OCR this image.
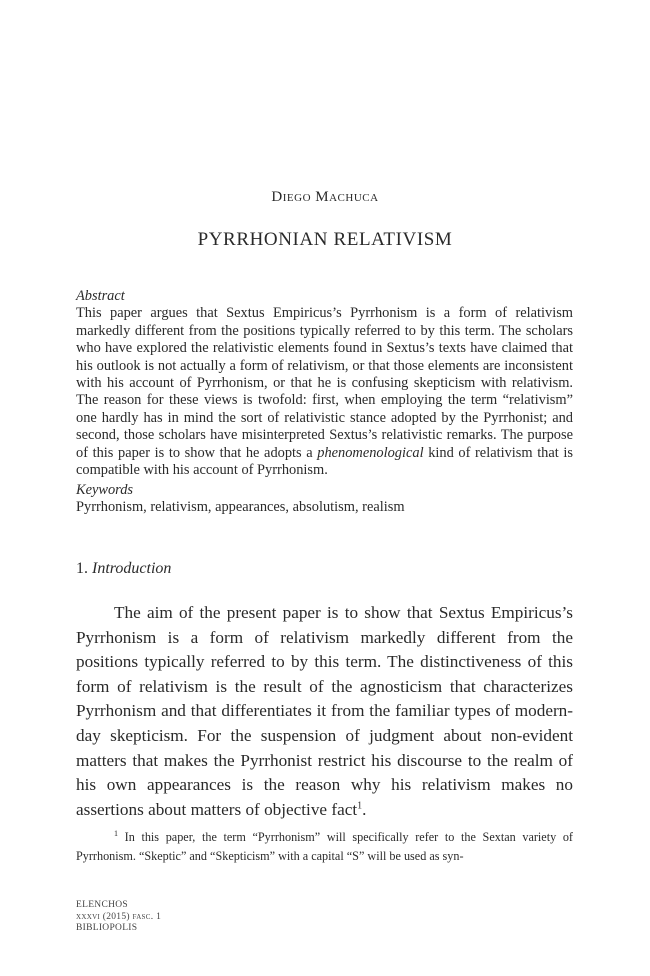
Diego Machuca
PYRRHONIAN RELATIVISM
Abstract
This paper argues that Sextus Empiricus’s Pyrrhonism is a form of relativism markedly different from the positions typically referred to by this term. The scholars who have explored the relativistic elements found in Sextus’s texts have claimed that his outlook is not actually a form of relativism, or that those elements are inconsistent with his account of Pyrrhonism, or that he is confusing skepticism with relativism. The reason for these views is twofold: first, when employing the term “relativism” one hardly has in mind the sort of relativistic stance adopted by the Pyrrhonist; and second, those scholars have misinterpreted Sextus’s relativistic remarks. The purpose of this paper is to show that he adopts a phenomenological kind of relativism that is compatible with his account of Pyrrhonism.
Keywords
Pyrrhonism, relativism, appearances, absolutism, realism
1. Introduction
The aim of the present paper is to show that Sextus Empiricus’s Pyrrhonism is a form of relativism markedly different from the positions typically referred to by this term. The distinctiveness of this form of relativism is the result of the agnosticism that characterizes Pyrrhonism and that differentiates it from the familiar types of modern-day skepticism. For the suspension of judgment about non-evident matters that makes the Pyrrhonist restrict his discourse to the realm of his own appearances is the reason why his relativism makes no assertions about matters of objective fact$^1$.
$^1$ In this paper, the term “Pyrrhonism” will specifically refer to the Sextan variety of Pyrrhonism. “Skeptic” and “Skepticism” with a capital “S” will be used as syn-
ELENCHOS
xxxvi (2015) fasc. 1
BIBLIOPOLIS
